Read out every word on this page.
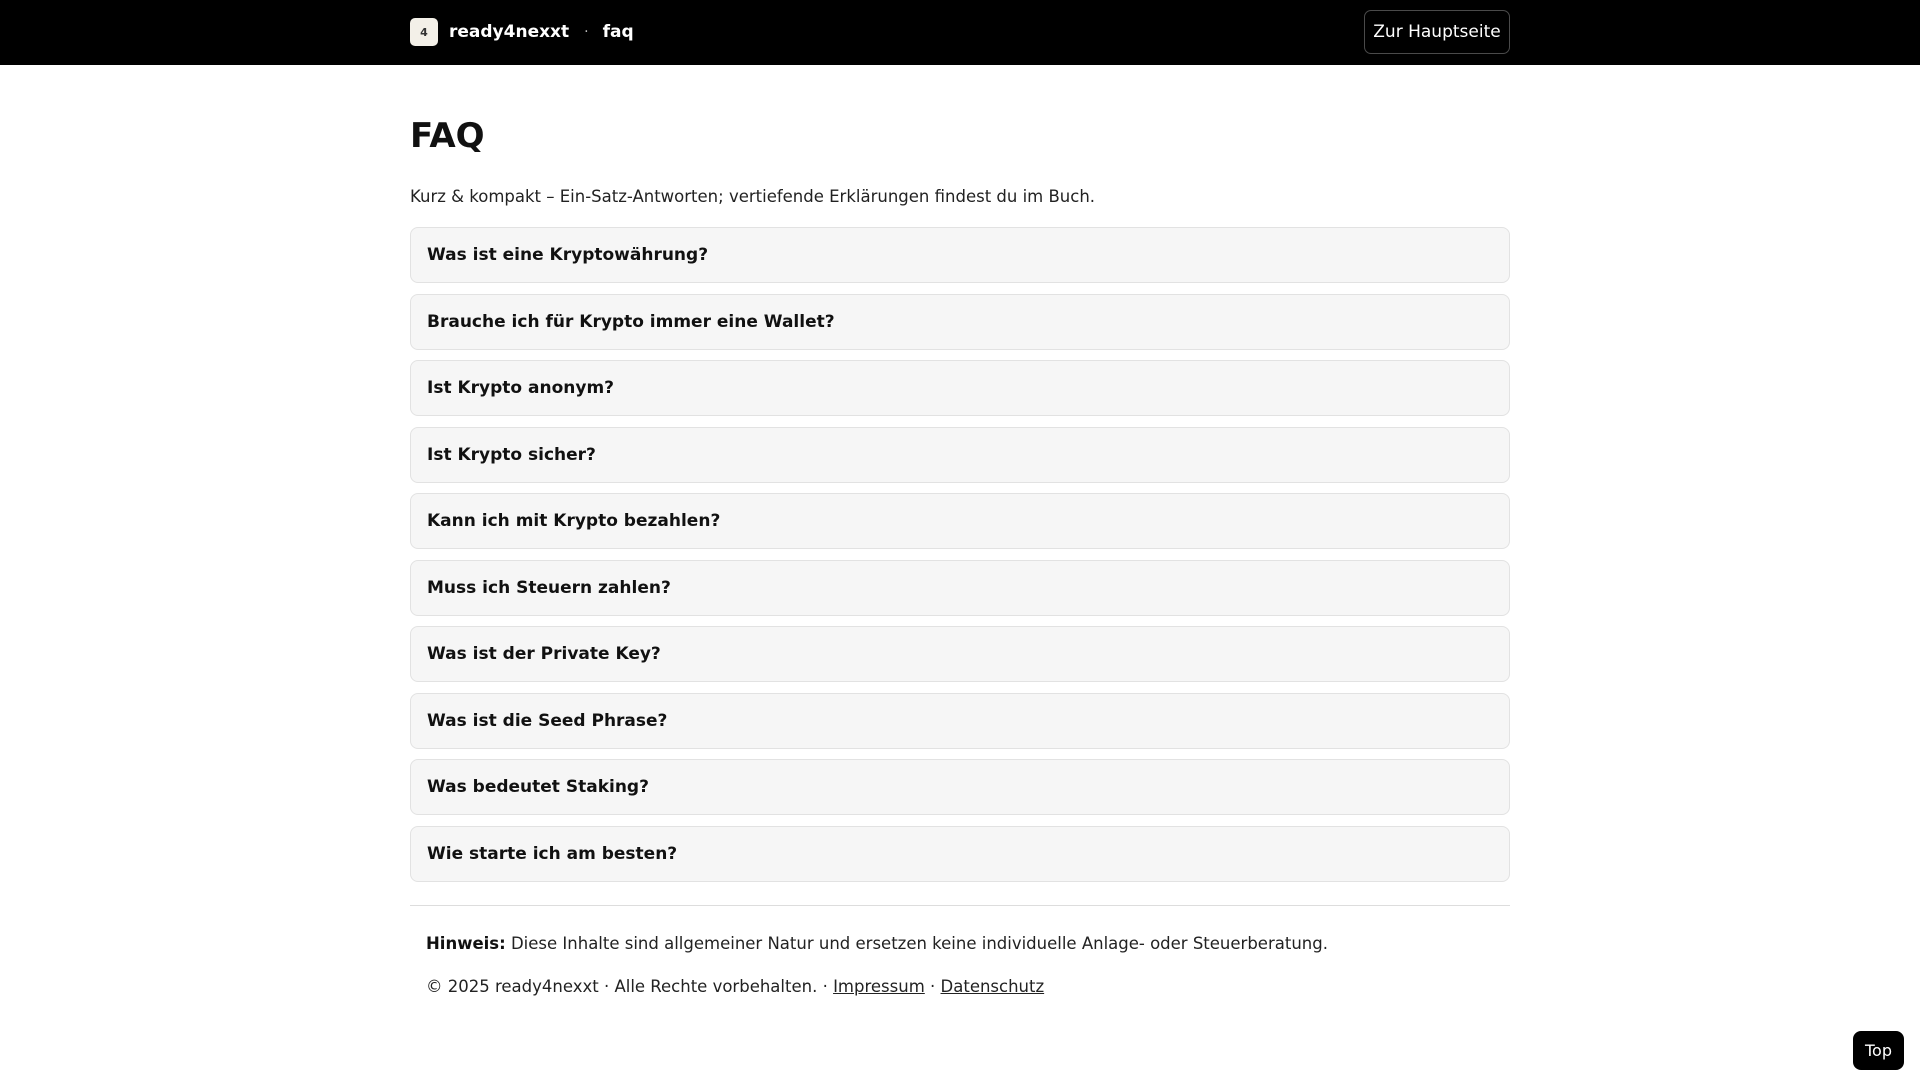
4	ready4nexxt · faq	Zur Hauptseite
FAQ

Kurz & kompakt – Ein-Satz-Antworten; vertiefende Erklärungen findest du im Buch.

Was ist eine Kryptowährung?
Brauche ich für Krypto immer eine Wallet?
Ist Krypto anonym?
Ist Krypto sicher?
Kann ich mit Krypto bezahlen?
Muss ich Steuern zahlen?
Was ist der Private Key?
Was ist die Seed Phrase?
Was bedeutet Staking?
Wie starte ich am besten?

Hinweis: Diese Inhalte sind allgemeiner Natur und ersetzen keine individuelle Anlage- oder Steuerberatung.

© 2025 ready4nexxt · Alle Rechte vorbehalten. · Impressum · Datenschutz

Top
